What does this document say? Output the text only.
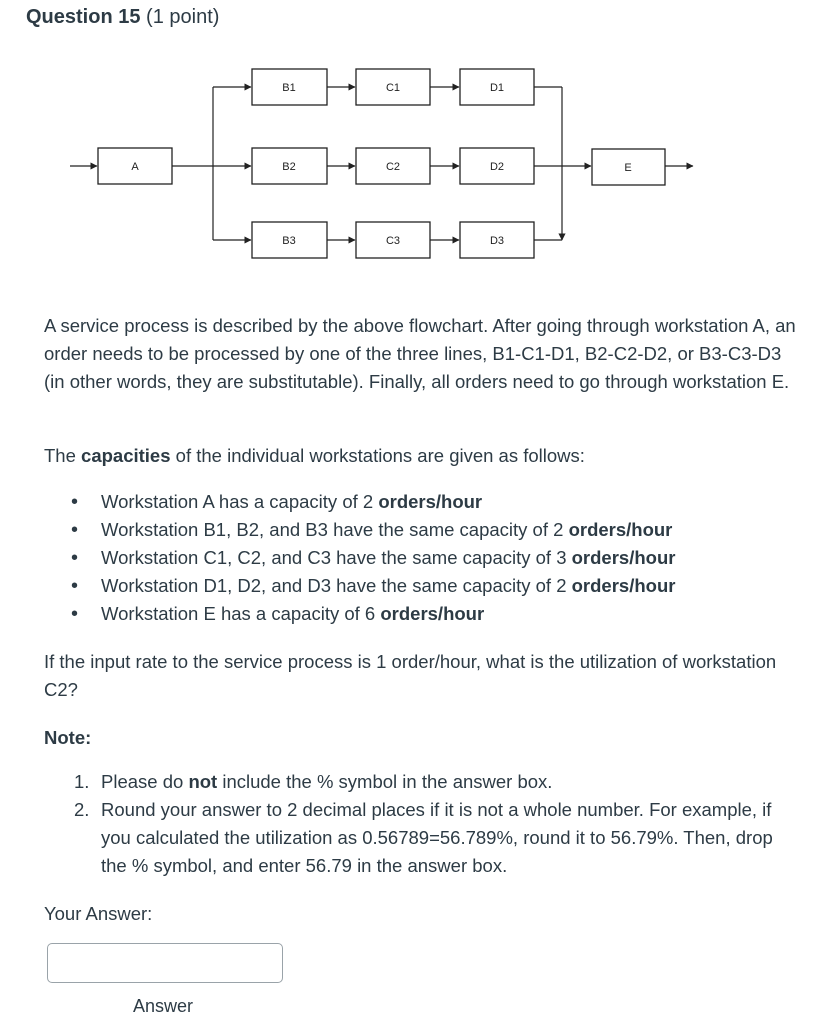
Question 15 (1 point)
A
B1	C1	D1
B2	C2	D2
B3	C3	D3
E
A service process is described by the above flowchart. After going through workstation A, an order needs to be processed by one of the three lines, B1-C1-D1, B2-C2-D2, or B3-C3-D3 (in other words, they are substitutable). Finally, all orders need to go through workstation E.
The capacities of the individual workstations are given as follows:
• Workstation A has a capacity of 2 orders/hour
• Workstation B1, B2, and B3 have the same capacity of 2 orders/hour
• Workstation C1, C2, and C3 have the same capacity of 3 orders/hour
• Workstation D1, D2, and D3 have the same capacity of 2 orders/hour
• Workstation E has a capacity of 6 orders/hour
If the input rate to the service process is 1 order/hour, what is the utilization of workstation C2?
Note:
1. Please do not include the % symbol in the answer box.
2. Round your answer to 2 decimal places if it is not a whole number. For example, if you calculated the utilization as 0.56789=56.789%, round it to 56.79%. Then, drop the % symbol, and enter 56.79 in the answer box.
Your Answer:
Answer
